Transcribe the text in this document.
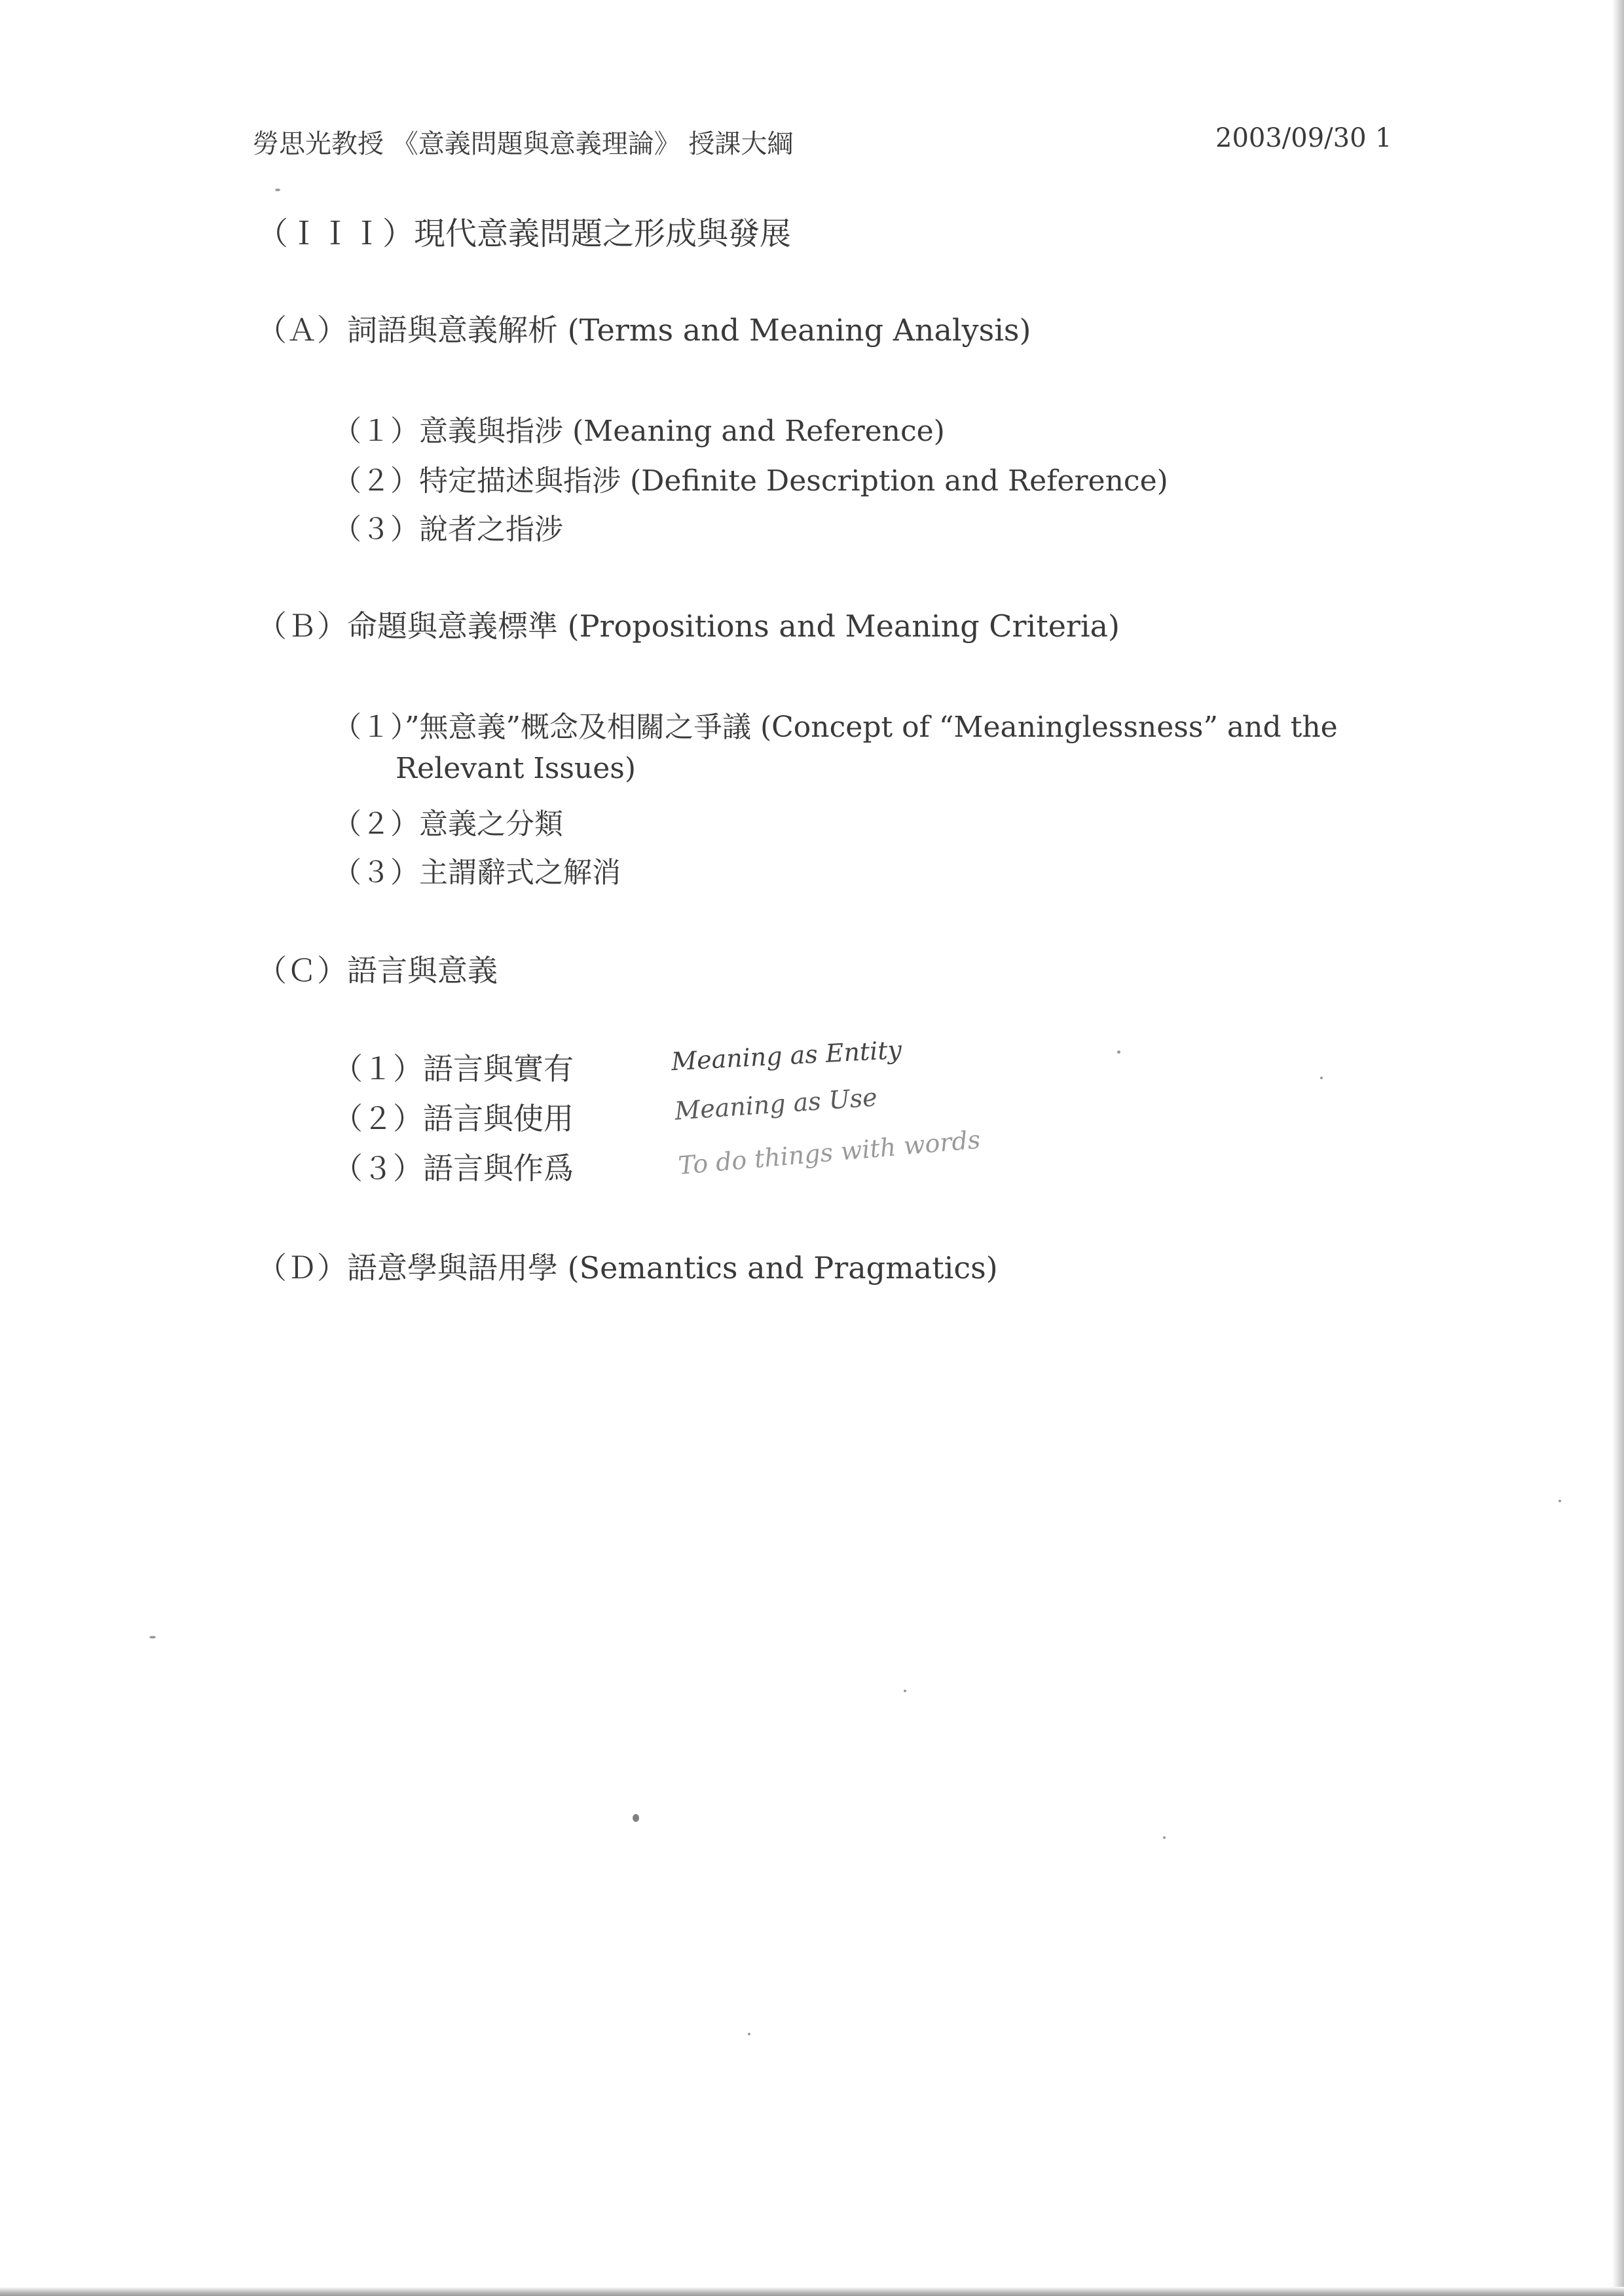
勞思光教授 《意義問題與意義理論》 授課大綱	2003/09/30 1
（ＩＩＩ）現代意義問題之形成與發展
（Ａ）詞語與意義解析 (Terms and Meaning Analysis)
（１）意義與指涉 (Meaning and Reference)
（２）特定描述與指涉 (Definite Description and Reference)
（３）說者之指涉
（Ｂ）命題與意義標準 (Propositions and Meaning Criteria)
（１）”無意義”概念及相關之爭議 (Concept of “Meaninglessness” and the
Relevant Issues)
（２）意義之分類
（３）主謂辭式之解消
（Ｃ）語言與意義
（１）語言與實有
（２）語言與使用
（３）語言與作爲
Meaning as Entity
Meaning as Use
To do things with words
（Ｄ）語意學與語用學 (Semantics and Pragmatics)
